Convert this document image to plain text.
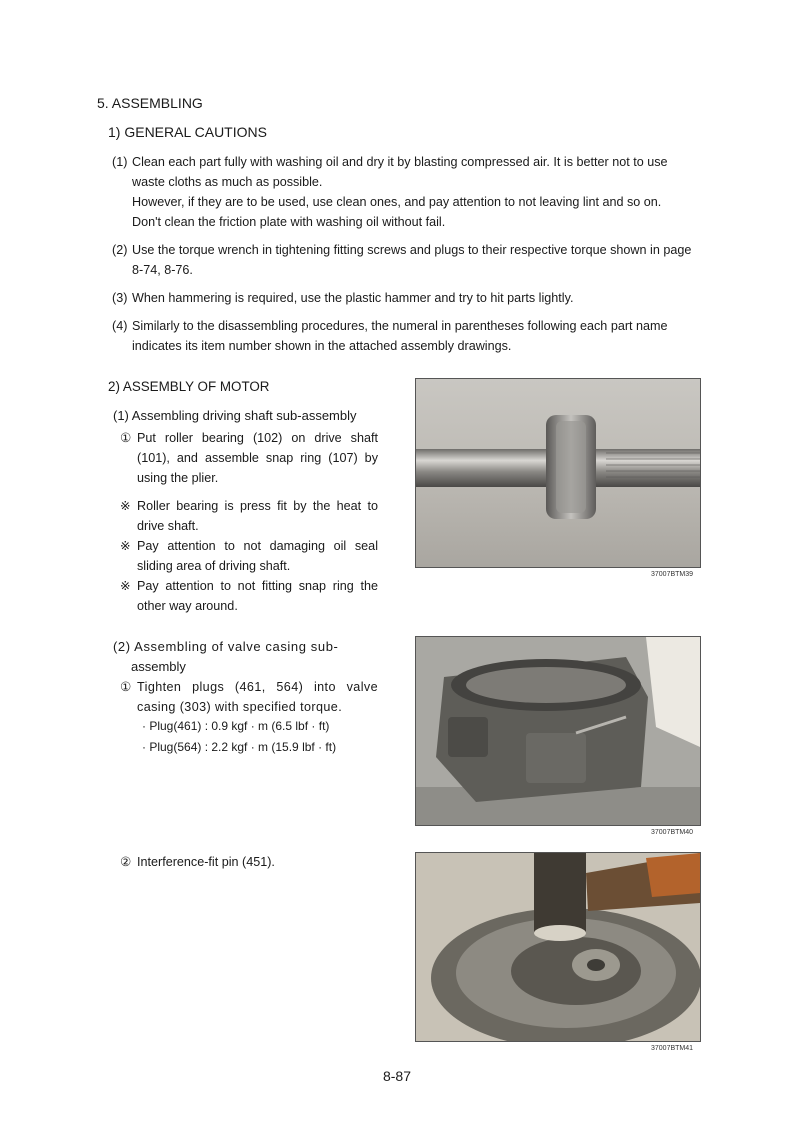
5. ASSEMBLING
1) GENERAL CAUTIONS
(1) Clean each part fully with washing oil and dry it by blasting compressed air. It is better not to use waste cloths as much as possible.
However, if they are to be used, use clean ones, and pay attention to not leaving lint and so on.
Don't clean the friction plate with washing oil without fail.
(2) Use the torque wrench in tightening fitting screws and plugs to their respective torque shown in page 8-74, 8-76.
(3) When hammering is required, use the plastic hammer and try to hit parts lightly.
(4) Similarly to the disassembling procedures, the numeral in parentheses following each part name indicates its item number shown in the attached assembly drawings.
2) ASSEMBLY OF MOTOR
(1) Assembling driving shaft sub-assembly
① Put roller bearing (102) on drive shaft (101), and assemble snap ring (107) by using the plier.
※ Roller bearing is press fit by the heat to drive shaft.
※ Pay attention to not damaging oil seal sliding area of driving shaft.
※ Pay attention to not fitting snap ring the other way around.
(2) Assembling of valve casing sub-
assembly
① Tighten plugs (461, 564) into valve casing (303) with specified torque.
· Plug(461) : 0.9 kgf · m (6.5 lbf · ft)
· Plug(564) : 2.2 kgf · m (15.9 lbf · ft)
② Interference-fit pin (451).
37007BTM39
37007BTM40
37007BTM41
8-87
